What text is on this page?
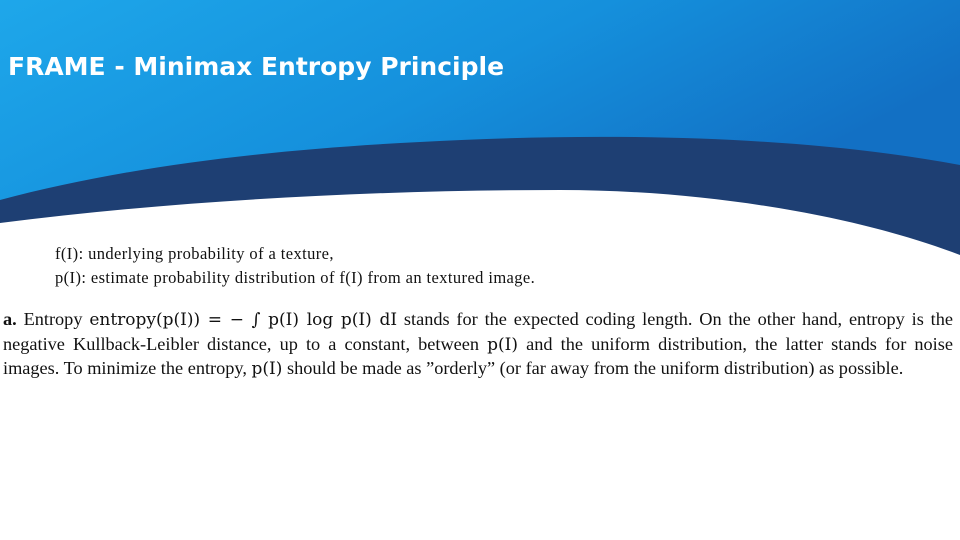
FRAME - Minimax Entropy Principle
f(I): underlying probability of a texture,
p(I): estimate probability distribution of f(I) from an textured image.
a. Entropy entropy(p(I)) = − ∫ p(I) log p(I) dI stands for the expected coding length. On the other hand, entropy is the negative Kullback-Leibler distance, up to a constant, between p(I) and the uniform distribution, the latter stands for noise images. To minimize the entropy, p(I) should be made as ”orderly” (or far away from the uniform distribution) as possible.
